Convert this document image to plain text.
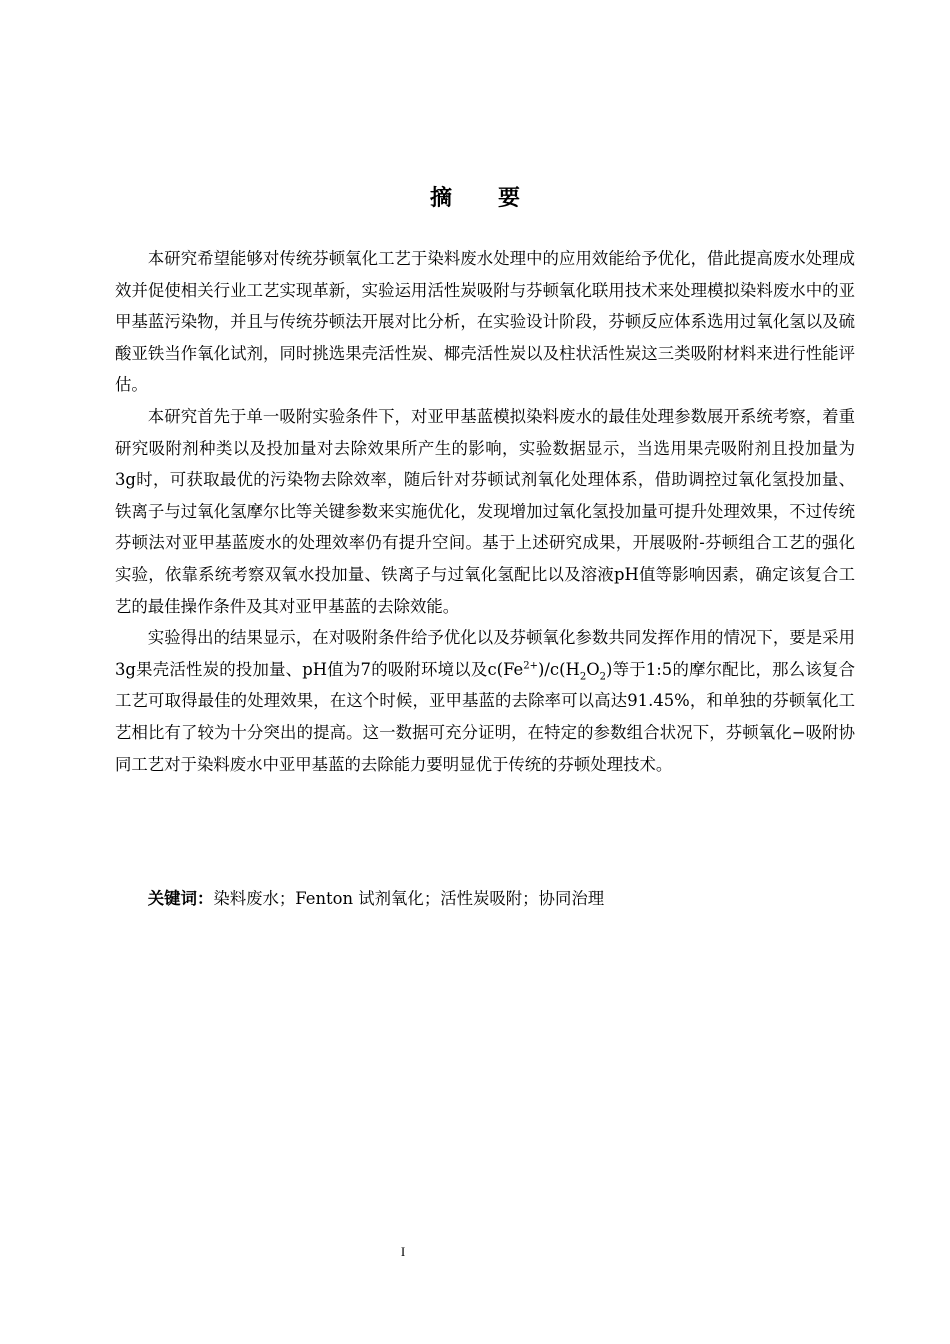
摘 要

本研究希望能够对传统芬顿氧化工艺于染料废水处理中的应用效能给予优化，借此提高废水处理成效并促使相关行业工艺实现革新，实验运用活性炭吸附与芬顿氧化联用技术来处理模拟染料废水中的亚甲基蓝污染物，并且与传统芬顿法开展对比分析，在实验设计阶段，芬顿反应体系选用过氧化氢以及硫酸亚铁当作氧化试剂，同时挑选果壳活性炭、椰壳活性炭以及柱状活性炭这三类吸附材料来进行性能评估。

本研究首先于单一吸附实验条件下，对亚甲基蓝模拟染料废水的最佳处理参数展开系统考察，着重研究吸附剂种类以及投加量对去除效果所产生的影响，实验数据显示，当选用果壳吸附剂且投加量为3g时，可获取最优的污染物去除效率，随后针对芬顿试剂氧化处理体系，借助调控过氧化氢投加量、铁离子与过氧化氢摩尔比等关键参数来实施优化，发现增加过氧化氢投加量可提升处理效果，不过传统芬顿法对亚甲基蓝废水的处理效率仍有提升空间。基于上述研究成果，开展吸附-芬顿组合工艺的强化实验，依靠系统考察双氧水投加量、铁离子与过氧化氢配比以及溶液pH值等影响因素，确定该复合工艺的最佳操作条件及其对亚甲基蓝的去除效能。

实验得出的结果显示，在对吸附条件给予优化以及芬顿氧化参数共同发挥作用的情况下，要是采用3g果壳活性炭的投加量、pH值为7的吸附环境以及$c(Fe^{2+})/c(H_2O_2)$等于1:5的摩尔配比，那么该复合工艺可取得最佳的处理效果，在这个时候，亚甲基蓝的去除率可以高达91.45%，和单独的芬顿氧化工艺相比有了较为十分突出的提高。这一数据可充分证明，在特定的参数组合状况下，芬顿氧化−吸附协同工艺对于染料废水中亚甲基蓝的去除能力要明显优于传统的芬顿处理技术。

关键词：染料废水；Fenton 试剂氧化；活性炭吸附；协同治理
I
